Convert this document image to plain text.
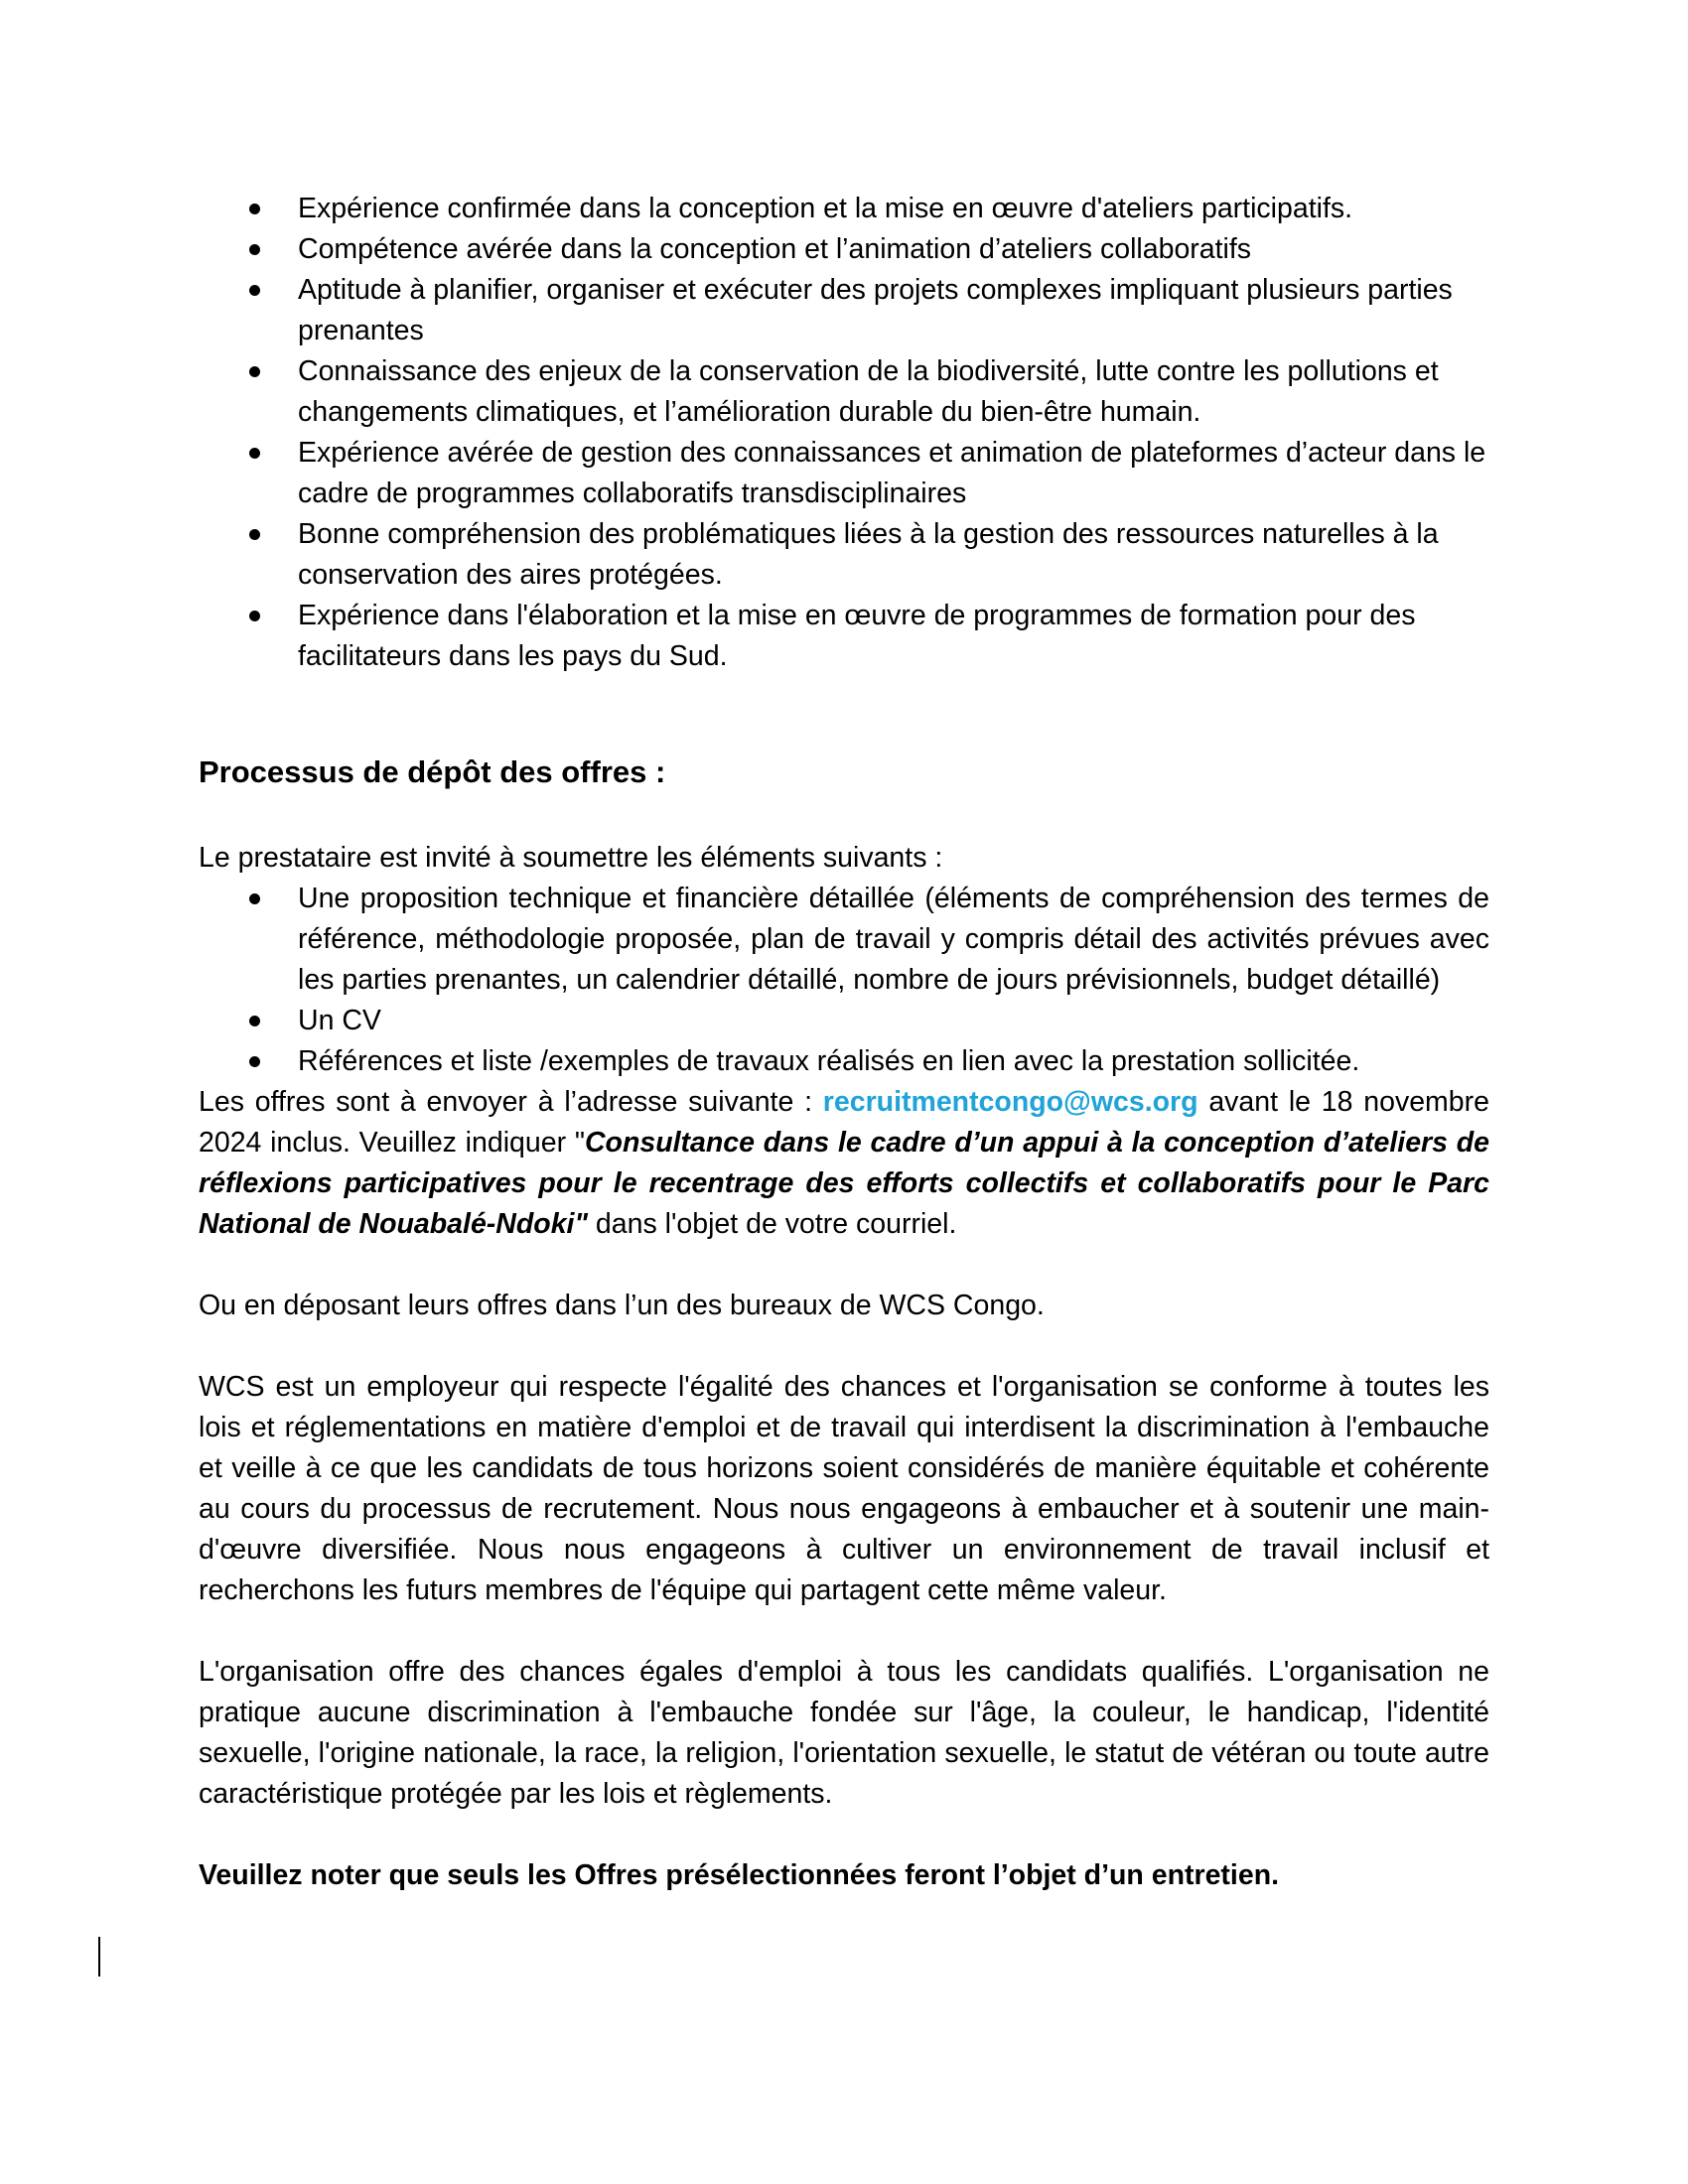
Expérience confirmée dans la conception et la mise en œuvre d'ateliers participatifs.
Compétence avérée dans la conception et l’animation d’ateliers collaboratifs
Aptitude à planifier, organiser et exécuter des projets complexes impliquant plusieurs parties prenantes
Connaissance des enjeux de la conservation de la biodiversité, lutte contre les pollutions et changements climatiques, et l’amélioration durable du bien-être humain.
Expérience avérée de gestion des connaissances et animation de plateformes d’acteur dans le cadre de programmes collaboratifs transdisciplinaires
Bonne compréhension des problématiques liées à la gestion des ressources naturelles à la conservation des aires protégées.
Expérience dans l'élaboration et la mise en œuvre de programmes de formation pour des facilitateurs dans les pays du Sud.
Processus de dépôt des offres :

Le prestataire est invité à soumettre les éléments suivants :

Une proposition technique et financière détaillée (éléments de compréhension des termes de référence, méthodologie proposée, plan de travail y compris détail des activités prévues avec les parties prenantes, un calendrier détaillé, nombre de jours prévisionnels, budget détaillé)
Un CV
Références et liste /exemples de travaux réalisés en lien avec la prestation sollicitée.

Les offres sont à envoyer à l’adresse suivante : recruitmentcongo@wcs.org avant le 18 novembre 2024 inclus. Veuillez indiquer "Consultance dans le cadre d’un appui à la conception d’ateliers de réflexions participatives pour le recentrage des efforts collectifs et collaboratifs pour le Parc National de Nouabalé-Ndoki" dans l'objet de votre courriel.

Ou en déposant leurs offres dans l’un des bureaux de WCS Congo.

WCS est un employeur qui respecte l'égalité des chances et l'organisation se conforme à toutes les lois et réglementations en matière d'emploi et de travail qui interdisent la discrimination à l'embauche et veille à ce que les candidats de tous horizons soient considérés de manière équitable et cohérente au cours du processus de recrutement. Nous nous engageons à embaucher et à soutenir une main-d'œuvre diversifiée. Nous nous engageons à cultiver un environnement de travail inclusif et recherchons les futurs membres de l'équipe qui partagent cette même valeur.

L'organisation offre des chances égales d'emploi à tous les candidats qualifiés. L'organisation ne pratique aucune discrimination à l'embauche fondée sur l'âge, la couleur, le handicap, l'identité sexuelle, l'origine nationale, la race, la religion, l'orientation sexuelle, le statut de vétéran ou toute autre caractéristique protégée par les lois et règlements.

Veuillez noter que seuls les Offres présélectionnées feront l’objet d’un entretien.
